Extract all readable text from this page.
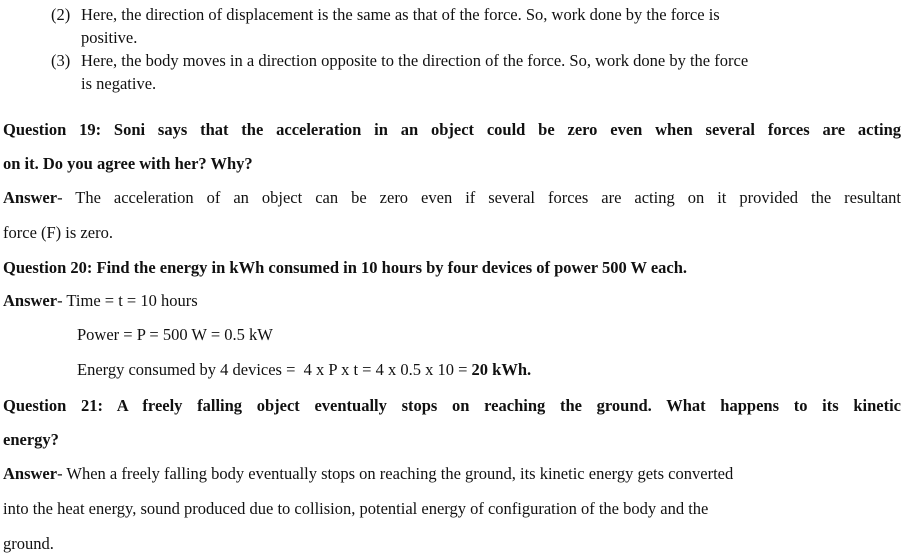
(2) Here, the direction of displacement is the same as that of the force. So, work done by the force is
positive.
(3) Here, the body moves in a direction opposite to the direction of the force. So, work done by the force
is negative.
Question 19: Soni says that the acceleration in an object could be zero even when several forces are acting
on it. Do you agree with her? Why?
Answer- The acceleration of an object can be zero even if several forces are acting on it provided the resultant
force (F) is zero.
Question 20: Find the energy in kWh consumed in 10 hours by four devices of power 500 W each.
Answer- Time = t = 10 hours
Power = P = 500 W = 0.5 kW
Energy consumed by 4 devices =  4 x P x t = 4 x 0.5 x 10 = 20 kWh.
Question 21: A freely falling object eventually stops on reaching the ground. What happens to its kinetic
energy?
Answer- When a freely falling body eventually stops on reaching the ground, its kinetic energy gets converted
into the heat energy, sound produced due to collision, potential energy of configuration of the body and the
ground.
